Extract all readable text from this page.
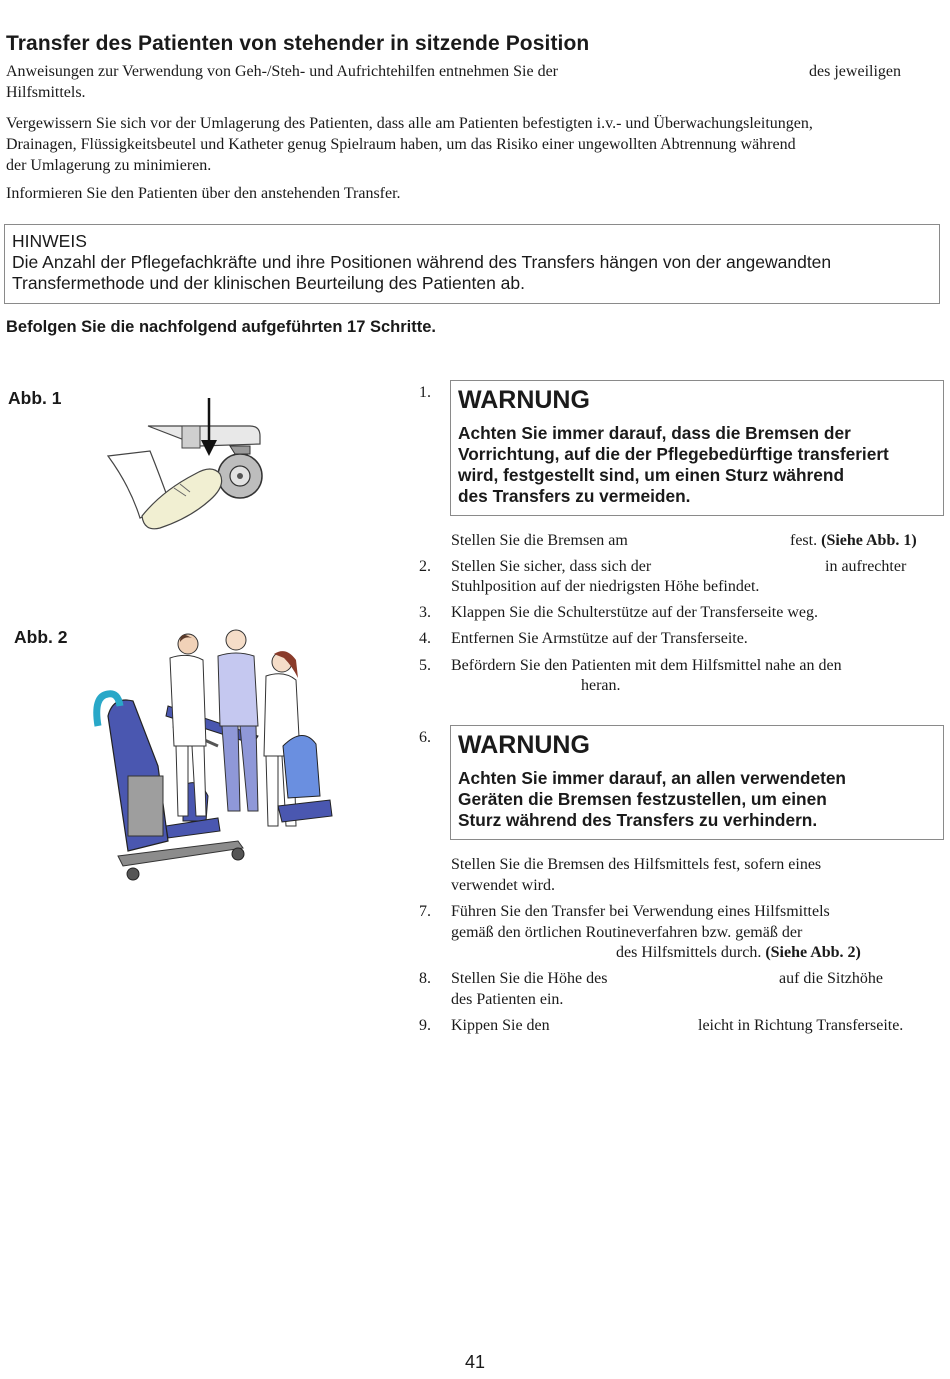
Transfer des Patienten von stehender in sitzende Position
Anweisungen zur Verwendung von Geh-/Steh- und Aufrichtehilfen entnehmen Sie der	des jeweiligen

Hilfsmittels.
Vergewissern Sie sich vor der Umlagerung des Patienten, dass alle am Patienten befestigten i.v.- und Überwachungsleitungen,
Drainagen, Flüssigkeitsbeutel und Katheter genug Spielraum haben, um das Risiko einer ungewollten Abtrennung während
der Umlagerung zu minimieren.
Informieren Sie den Patienten über den anstehenden Transfer.
HINWEIS
Die Anzahl der Pflegefachkräfte und ihre Positionen während des Transfers hängen von der angewandten
Transfermethode und der klinischen Beurteilung des Patienten ab.
Befolgen Sie die nachfolgend aufgeführten 17 Schritte.
Abb. 1
Abb. 2
1. WARNUNG
Achten Sie immer darauf, dass die Bremsen der
Vorrichtung, auf die der Pflegebedürftige transferiert
wird, festgestellt sind, um einen Sturz während
des Transfers zu vermeiden.
Stellen Sie die Bremsen am	fest. (Siehe Abb. 1)
2. Stellen Sie sicher, dass sich der	in aufrechter
Stuhlposition auf der niedrigsten Höhe befindet.
3. Klappen Sie die Schulterstütze auf der Transferseite weg.
4. Entfernen Sie Armstütze auf der Transferseite.
5. Befördern Sie den Patienten mit dem Hilfsmittel nahe an den
heran.
6. WARNUNG
Achten Sie immer darauf, an allen verwendeten
Geräten die Bremsen festzustellen, um einen
Sturz während des Transfers zu verhindern.
Stellen Sie die Bremsen des Hilfsmittels fest, sofern eines
verwendet wird.
7. Führen Sie den Transfer bei Verwendung eines Hilfsmittels
gemäß den örtlichen Routineverfahren bzw. gemäß der
des Hilfsmittels durch. (Siehe Abb. 2)
8. Stellen Sie die Höhe des	auf die Sitzhöhe
des Patienten ein.
9. Kippen Sie den	leicht in Richtung Transferseite.
41
